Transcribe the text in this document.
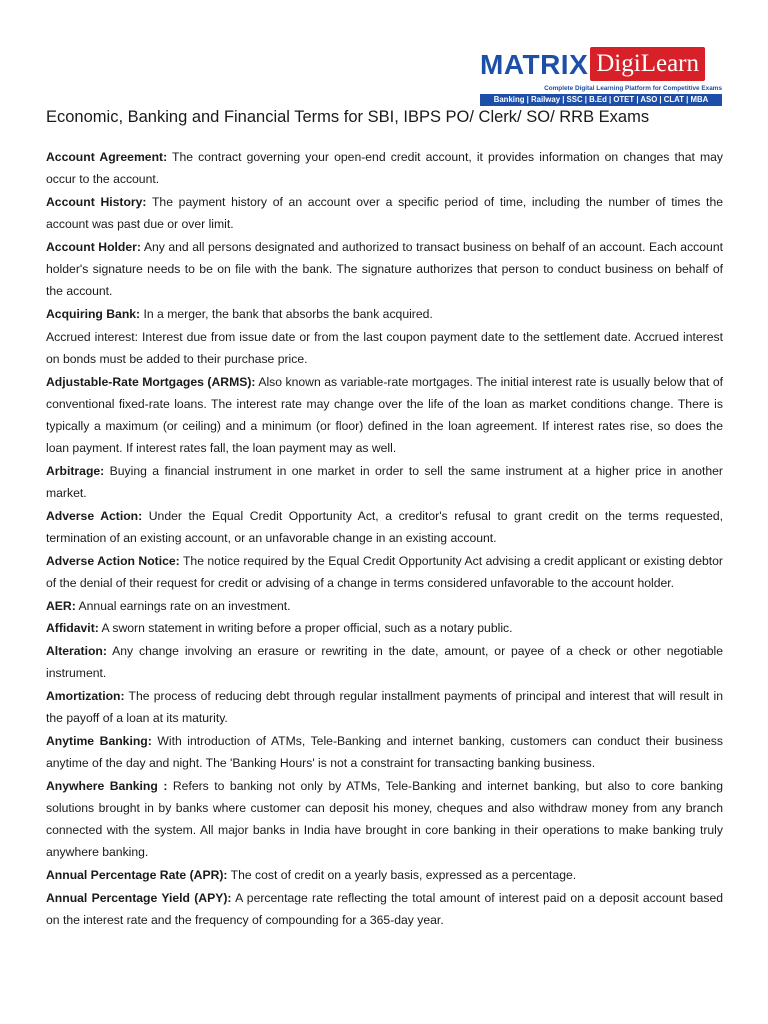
MATRIX DigiLearn
Complete Digital Learning Platform for Competitive Exams
Banking | Railway | SSC | B.Ed | OTET | ASO | CLAT | MBA
Economic, Banking and Financial Terms for SBI, IBPS PO/ Clerk/ SO/ RRB Exams

Account Agreement: The contract governing your open-end credit account, it provides information on changes that may occur to the account.

Account History: The payment history of an account over a specific period of time, including the number of times the account was past due or over limit.

Account Holder: Any and all persons designated and authorized to transact business on behalf of an account. Each account holder's signature needs to be on file with the bank. The signature authorizes that person to conduct business on behalf of the account.

Acquiring Bank: In a merger, the bank that absorbs the bank acquired.

Accrued interest: Interest due from issue date or from the last coupon payment date to the settlement date. Accrued interest on bonds must be added to their purchase price.

Adjustable-Rate Mortgages (ARMS): Also known as variable-rate mortgages. The initial interest rate is usually below that of conventional fixed-rate loans. The interest rate may change over the life of the loan as market conditions change. There is typically a maximum (or ceiling) and a minimum (or floor) defined in the loan agreement. If interest rates rise, so does the loan payment. If interest rates fall, the loan payment may as well.

Arbitrage: Buying a financial instrument in one market in order to sell the same instrument at a higher price in another market.

Adverse Action: Under the Equal Credit Opportunity Act, a creditor's refusal to grant credit on the terms requested, termination of an existing account, or an unfavorable change in an existing account.

Adverse Action Notice: The notice required by the Equal Credit Opportunity Act advising a credit applicant or existing debtor of the denial of their request for credit or advising of a change in terms considered unfavorable to the account holder.

AER: Annual earnings rate on an investment.

Affidavit: A sworn statement in writing before a proper official, such as a notary public.

Alteration: Any change involving an erasure or rewriting in the date, amount, or payee of a check or other negotiable instrument.

Amortization: The process of reducing debt through regular installment payments of principal and interest that will result in the payoff of a loan at its maturity.

Anytime Banking: With introduction of ATMs, Tele-Banking and internet banking, customers can conduct their business anytime of the day and night. The 'Banking Hours' is not a constraint for transacting banking business.

Anywhere Banking : Refers to banking not only by ATMs, Tele-Banking and internet banking, but also to core banking solutions brought in by banks where customer can deposit his money, cheques and also withdraw money from any branch connected with the system. All major banks in India have brought in core banking in their operations to make banking truly anywhere banking.

Annual Percentage Rate (APR): The cost of credit on a yearly basis, expressed as a percentage.

Annual Percentage Yield (APY): A percentage rate reflecting the total amount of interest paid on a deposit account based on the interest rate and the frequency of compounding for a 365-day year.
